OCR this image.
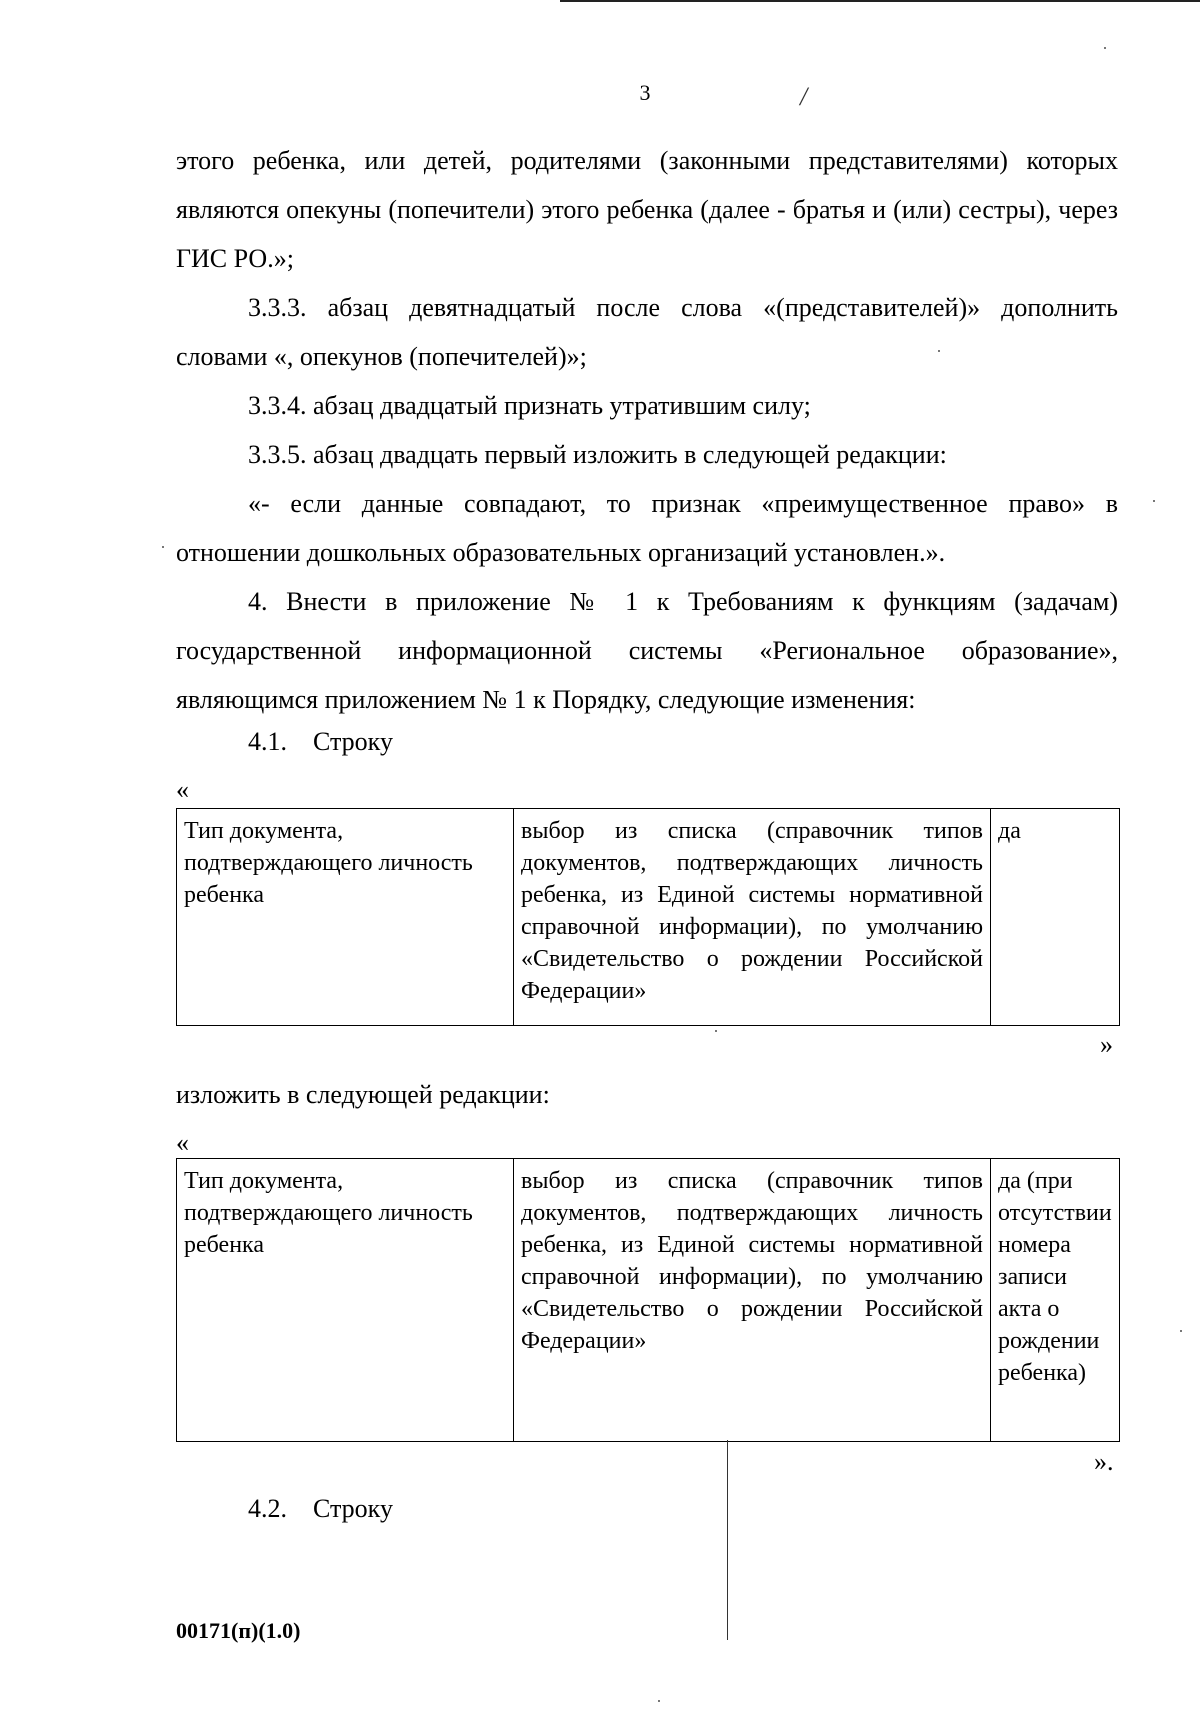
3	/
этого ребенка, или детей, родителями (законными представителями) которых являются опекуны (попечители) этого ребенка (далее - братья и (или) сестры), через ГИС РО.»;
3.3.3. абзац девятнадцатый после слова «(представителей)» дополнить словами «, опекунов (попечителей)»;
3.3.4. абзац двадцатый признать утратившим силу;
3.3.5. абзац двадцать первый изложить в следующей редакции:
«- если данные совпадают, то признак «преимущественное право» в отношении дошкольных образовательных организаций установлен.».
4. Внести в приложение № 1 к Требованиям к функциям (задачам) государственной информационной системы «Региональное образование», являющимся приложением № 1 к Порядку, следующие изменения:
4.1. Строку
«
Тип документа, подтверждающего личность ребенка	выбор из списка (справочник типов документов, подтверждающих личность ребенка, из Единой системы нормативной справочной информации), по умолчанию «Свидетельство о рождении Российской Федерации»	да
»
изложить в следующей редакции:
«
Тип документа, подтверждающего личность ребенка	выбор из списка (справочник типов документов, подтверждающих личность ребенка, из Единой системы нормативной справочной информации), по умолчанию «Свидетельство о рождении Российской Федерации»	да (при отсутствии номера записи акта о рождении ребенка)
».
4.2. Строку
00171(п)(1.0)
